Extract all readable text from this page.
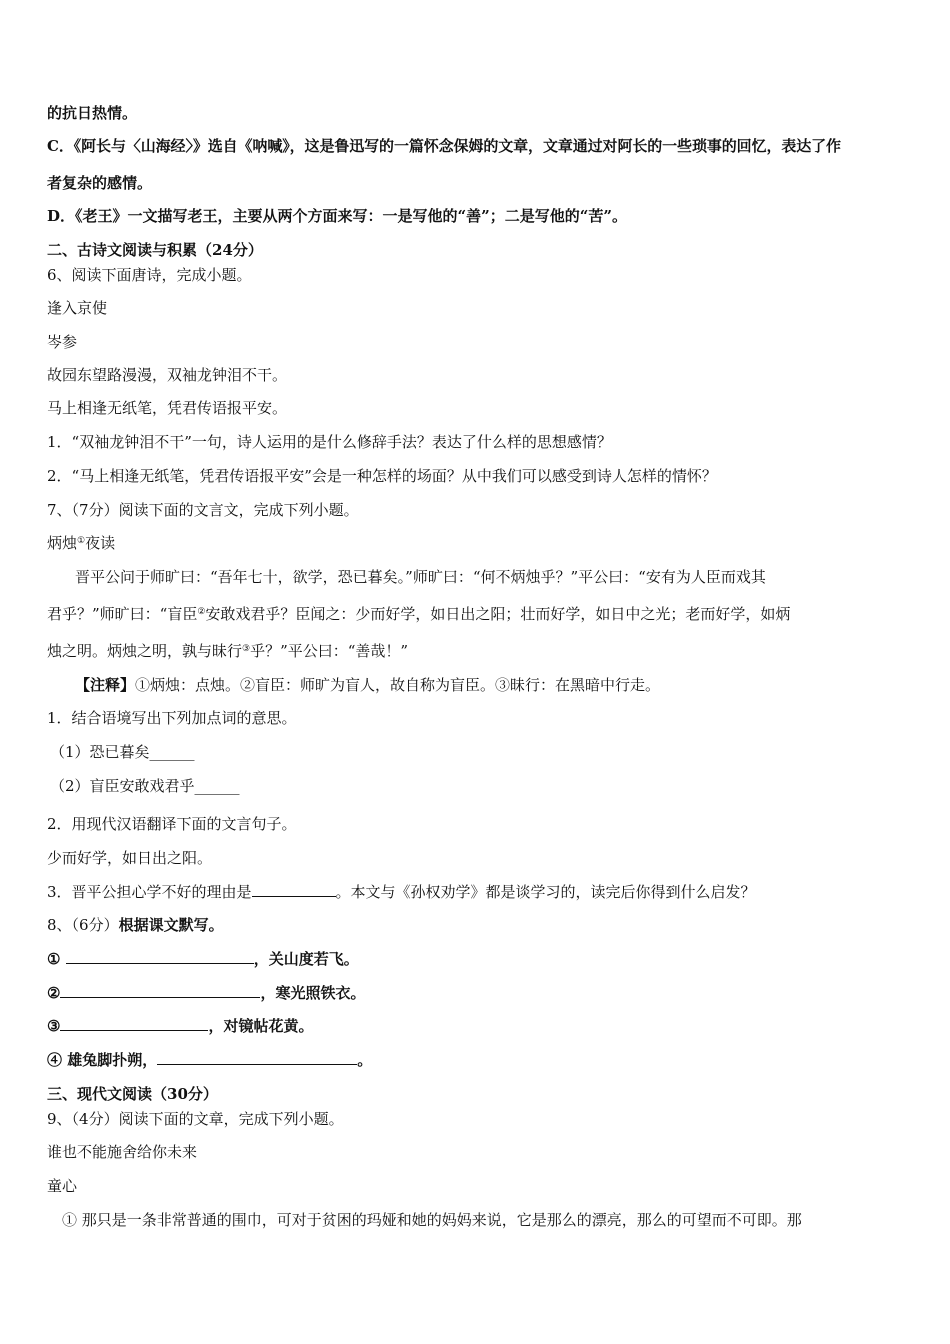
的抗日热情。
C．《阿长与〈山海经〉》选自《呐喊》，这是鲁迅写的一篇怀念保姆的文章，文章通过对阿长的一些琐事的回忆，表达了作
者复杂的感情。
D．《老王》一文描写老王，主要从两个方面来写：一是写他的“善”；二是写他的“苦”。
二、古诗文阅读与积累（24分）
6、阅读下面唐诗，完成小题。
逢入京使
岑参
故园东望路漫漫，双袖龙钟泪不干。
马上相逢无纸笔，凭君传语报平安。
1．“双袖龙钟泪不干”一句，诗人运用的是什么修辞手法？表达了什么样的思想感情？
2．“马上相逢无纸笔，凭君传语报平安”会是一种怎样的场面？从中我们可以感受到诗人怎样的情怀？
7、（7分）阅读下面的文言文，完成下列小题。
炳烛①夜读
晋平公问于师旷曰：“吾年七十，欲学，恐已暮矣。”师旷曰：“何不炳烛乎？”平公曰：“安有为人臣而戏其
君乎？”师旷曰：“盲臣②安敢戏君乎？臣闻之：少而好学，如日出之阳；壮而好学，如日中之光；老而好学，如炳
烛之明。炳烛之明，孰与昧行③乎？”平公曰：“善哉！”
【注释】①炳烛：点烛。②盲臣：师旷为盲人，故自称为盲臣。③昧行：在黑暗中行走。
1．结合语境写出下列加点词的意思。
（1）恐已暮矣______
（2）盲臣安敢戏君乎______
2．用现代汉语翻译下面的文言句子。
少而好学，如日出之阳。
3．晋平公担心学不好的理由是	。本文与《孙权劝学》都是谈学习的，读完后你得到什么启发？
8、（6分）根据课文默写。
①	，关山度若飞。
②	，寒光照铁衣。
③	，对镜帖花黄。
④ 雄兔脚扑朔，	。
三、现代文阅读（30分）
9、（4分）阅读下面的文章，完成下列小题。
谁也不能施舍给你未来
童心
① 那只是一条非常普通的围巾，可对于贫困的玛娅和她的妈妈来说，它是那么的漂亮，那么的可望而不可即。那
